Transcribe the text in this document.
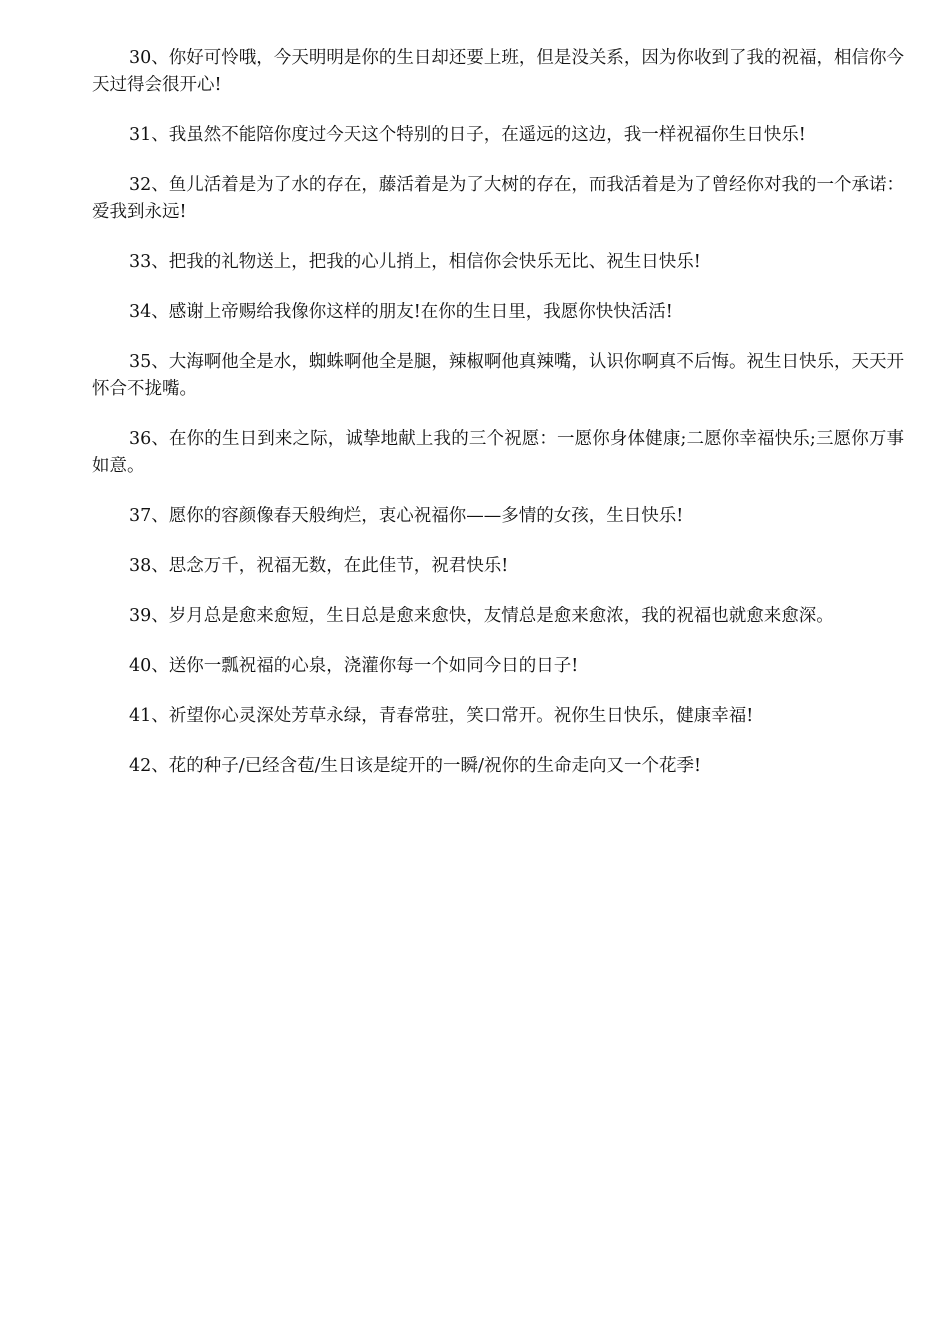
30、你好可怜哦，今天明明是你的生日却还要上班，但是没关系，因为你收到了我的祝福，相信你今天过得会很开心!

31、我虽然不能陪你度过今天这个特别的日子，在遥远的这边，我一样祝福你生日快乐!

32、鱼儿活着是为了水的存在，藤活着是为了大树的存在，而我活着是为了曾经你对我的一个承诺：爱我到永远!

33、把我的礼物送上，把我的心儿捎上，相信你会快乐无比、祝生日快乐!

34、感谢上帝赐给我像你这样的朋友!在你的生日里，我愿你快快活活!

35、大海啊他全是水，蜘蛛啊他全是腿，辣椒啊他真辣嘴，认识你啊真不后悔。祝生日快乐，天天开怀合不拢嘴。

36、在你的生日到来之际，诚挚地献上我的三个祝愿：一愿你身体健康;二愿你幸福快乐;三愿你万事如意。

37、愿你的容颜像春天般绚烂，衷心祝福你——多情的女孩，生日快乐!

38、思念万千，祝福无数，在此佳节，祝君快乐!

39、岁月总是愈来愈短，生日总是愈来愈快，友情总是愈来愈浓，我的祝福也就愈来愈深。

40、送你一瓢祝福的心泉，浇灌你每一个如同今日的日子!

41、祈望你心灵深处芳草永绿，青春常驻，笑口常开。祝你生日快乐，健康幸福!

42、花的种子/已经含苞/生日该是绽开的一瞬/祝你的生命走向又一个花季!
